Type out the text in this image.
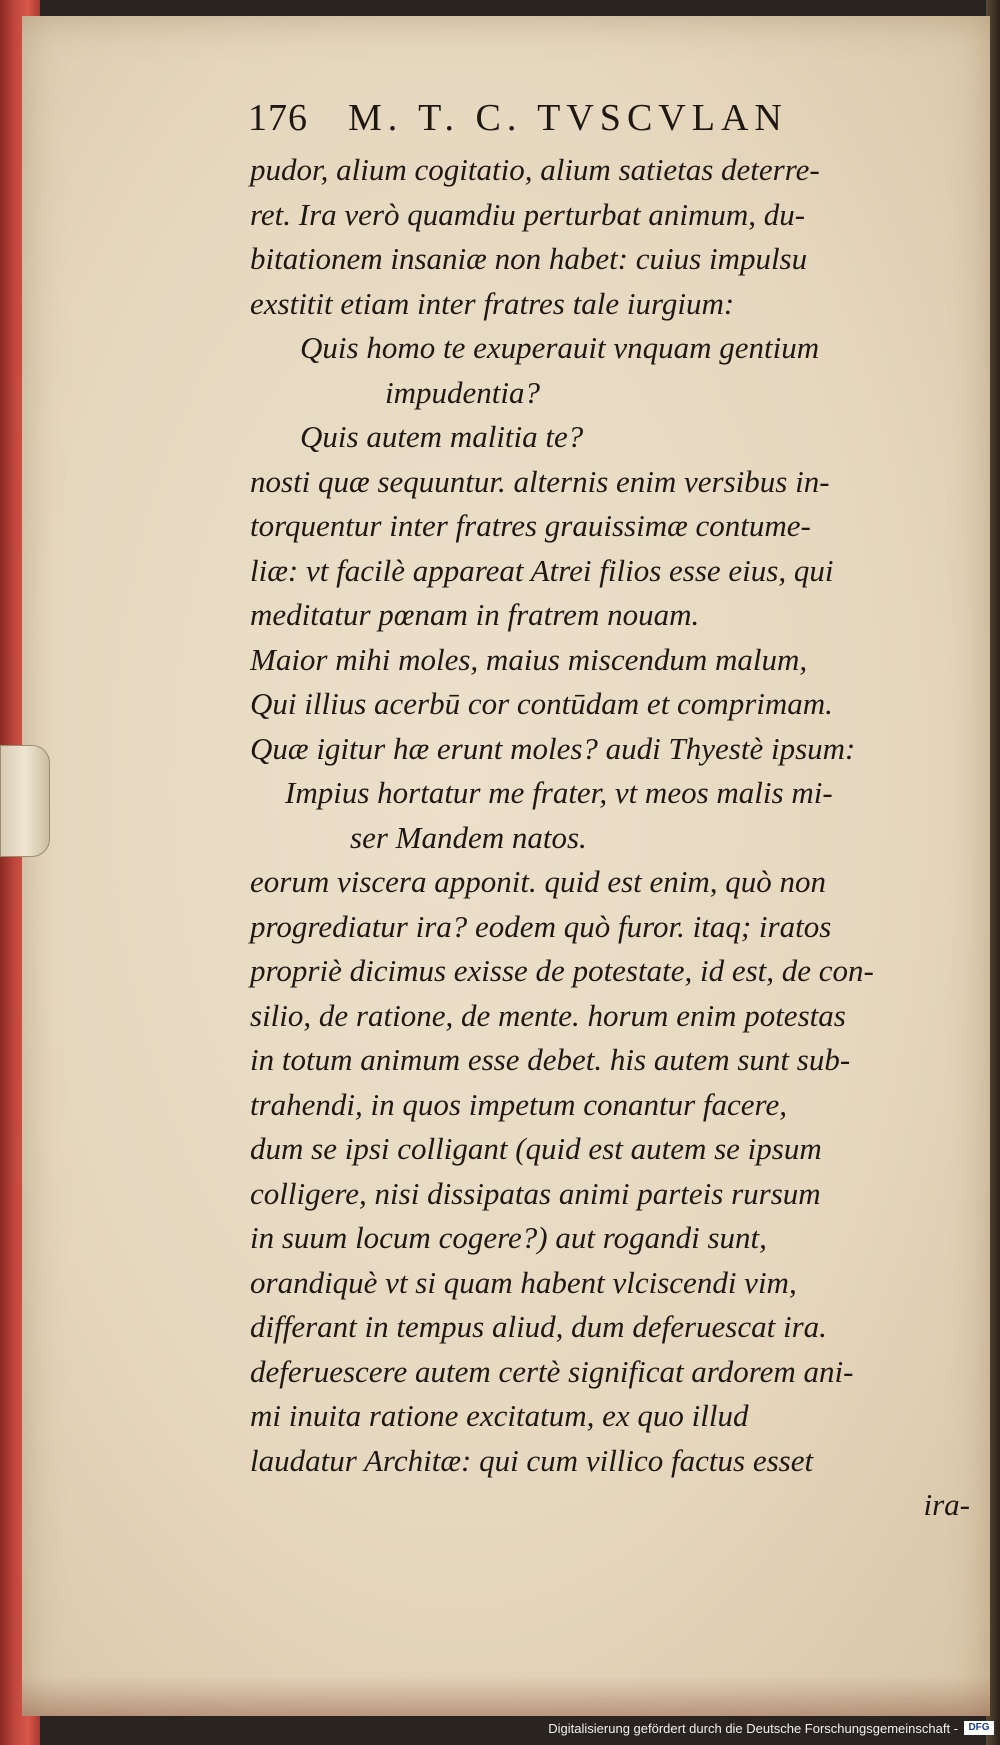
176 M. T. C. TVSCVLAN
pudor, alium cogitatio, alium satietas deterre-
ret. Ira verò quamdiu perturbat animum, du-
bitationem insaniæ non habet: cuius impulsu
exstitit etiam inter fratres tale iurgium:
Quis homo te exuperauit vnquam gentium
impudentia?
Quis autem malitia te?
nosti quæ sequuntur. alternis enim versibus in-
torquentur inter fratres grauissimæ contume-
liæ: vt facilè appareat Atrei filios esse eius, qui
meditatur pœnam in fratrem nouam.
Maior mihi moles, maius miscendum malum,
Qui illius acerbū cor contūdam et comprimam.
Quæ igitur hæ erunt moles? audi Thyestè ipsum:
Impius hortatur me frater, vt meos malis mi-
ser Mandem natos.
eorum viscera apponit. quid est enim, quò non
progrediatur ira? eodem quò furor. itaq; iratos
propriè dicimus exisse de potestate, id est, de con-
silio, de ratione, de mente. horum enim potestas
in totum animum esse debet. his autem sunt sub-
trahendi, in quos impetum conantur facere,
dum se ipsi colligant (quid est autem se ipsum
colligere, nisi dissipatas animi parteis rursum
in suum locum cogere?) aut rogandi sunt,
orandiquè vt si quam habent vlciscendi vim,
differant in tempus aliud, dum deferuescat ira.
deferuescere autem certè significat ardorem ani-
mi inuita ratione excitatum, ex quo illud
laudatur Architæ: qui cum villico factus esset
ira-
Digitalisierung gefördert durch die Deutsche Forschungsgemeinschaft -	DFG
